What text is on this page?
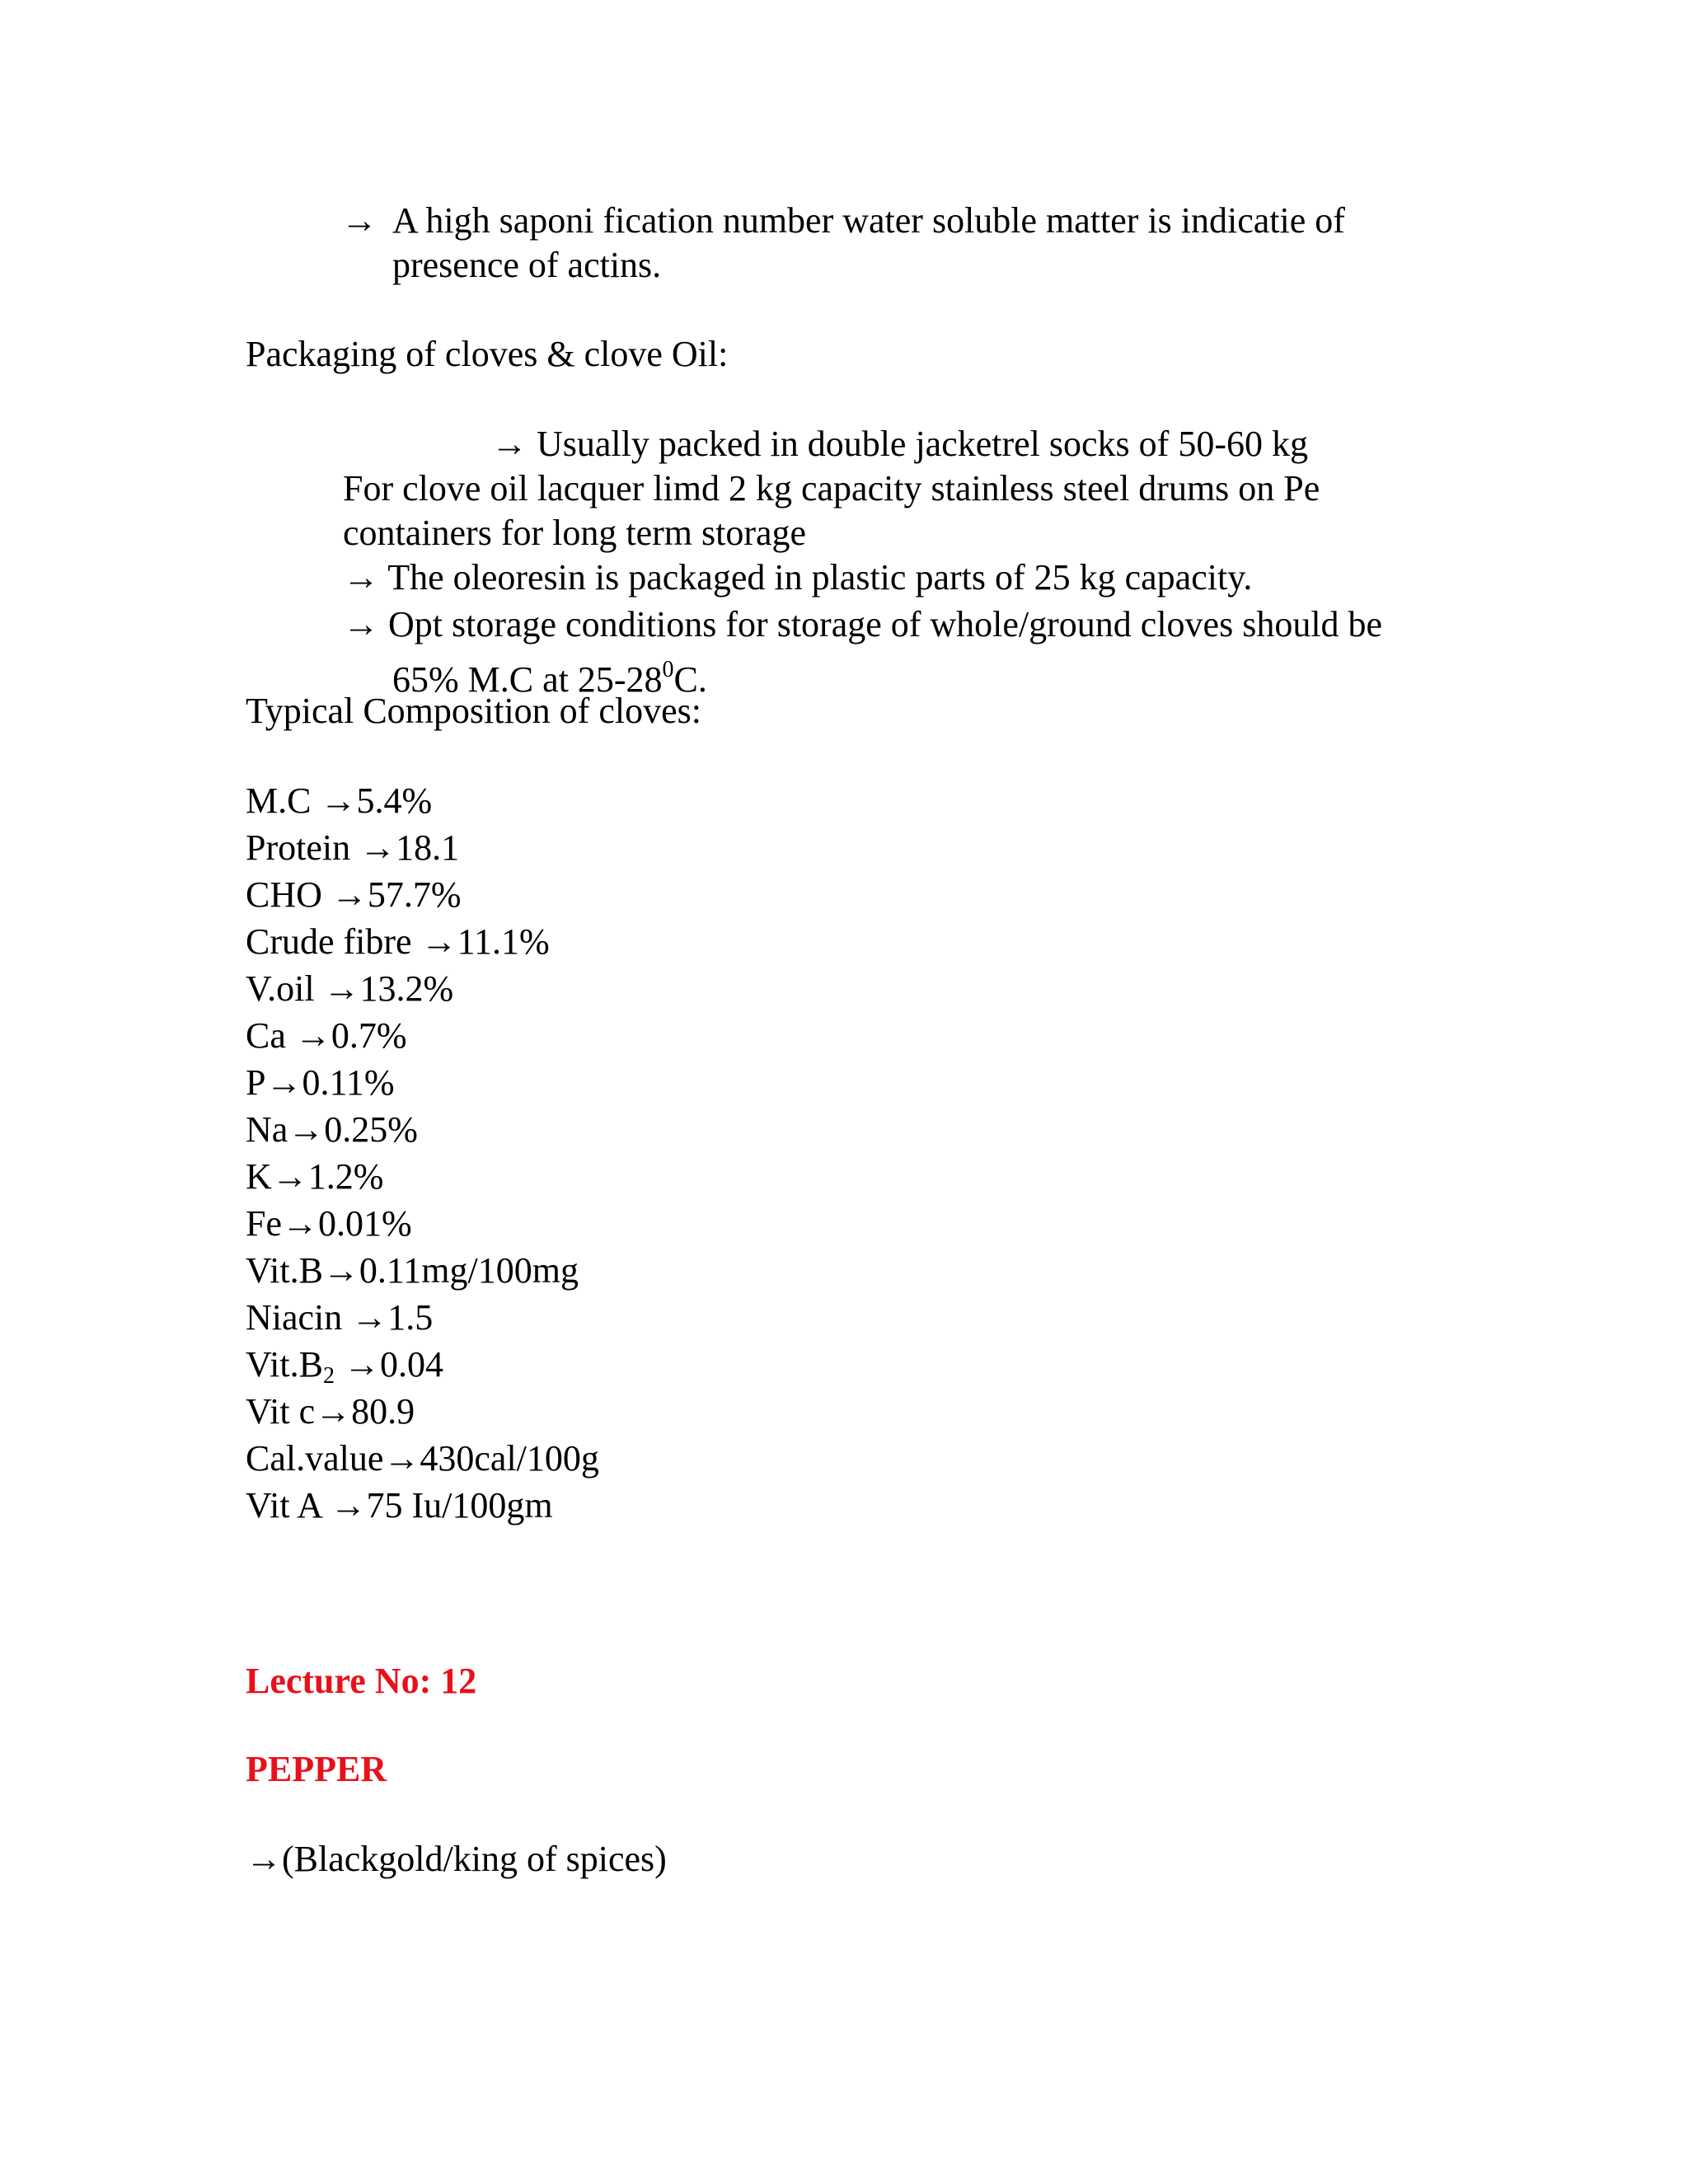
→ A high saponi fication number water soluble matter is indicatie of
presence of actins.
Packaging of cloves & clove Oil:
→ Usually packed in double jacketrel socks of 50-60 kg
For clove oil lacquer limd 2 kg capacity stainless steel drums on Pe
containers for long term storage
→ The oleoresin is packaged in plastic parts of 25 kg capacity.
→ Opt storage conditions for storage of whole/ground cloves should be
65% M.C at $25-28^0C$.
Typical Composition of cloves:
M.C →5.4%
Protein →18.1
CHO →57.7%
Crude fibre →11.1%
V.oil →13.2%
Ca →0.7%
P→0.11%
Na→0.25%
K→1.2%
Fe→0.01%
Vit.B→0.11mg/100mg
Niacin →1.5
$Vit.B_2 \to 0.04$
Vit c→80.9
Cal.value→430cal/100g
Vit A →75 Iu/100gm
Lecture No: 12
PEPPER
→(Blackgold/king of spices)
